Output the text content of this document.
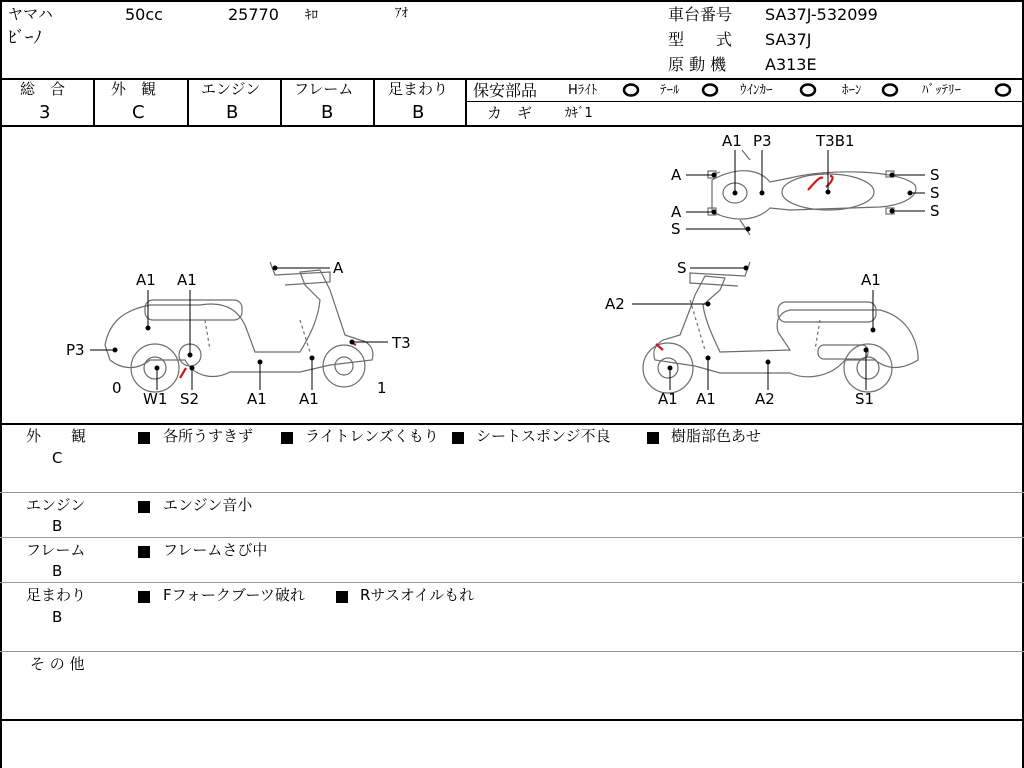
ヤマハ	50cc	25770 ｷﾛ	ｱｵ
ﾋﾞｰﾉ
車台番号 SA37J-532099
型　　式 SA37J
原 動 機 A313E
総　合
3
外　観
C
エンジン
B
フレーム
B
足まわり
B
保安部品 Hﾗｲﾄ	ﾃｰﾙ	ｳｲﾝｶｰ	ﾎｰﾝ	ﾊﾞｯﾃﾘｰ
カ　ギ	ｶｷﾞ1
A1 P3	T3B1
A
A
S
S
S
S
A1 A1
A
P3	T3
0	1
W1 S2	A1 A1
S
A2
A1
A1 A1	A2	S1
外　　観
C
各所うすきず	ライトレンズくもり シートスポンジ不良	樹脂部色あせ
エンジン
B
エンジン音小
フレーム
B
フレームさび中
足まわり
B
Fフォークブーツ破れ	Rサスオイルもれ
そ の 他
